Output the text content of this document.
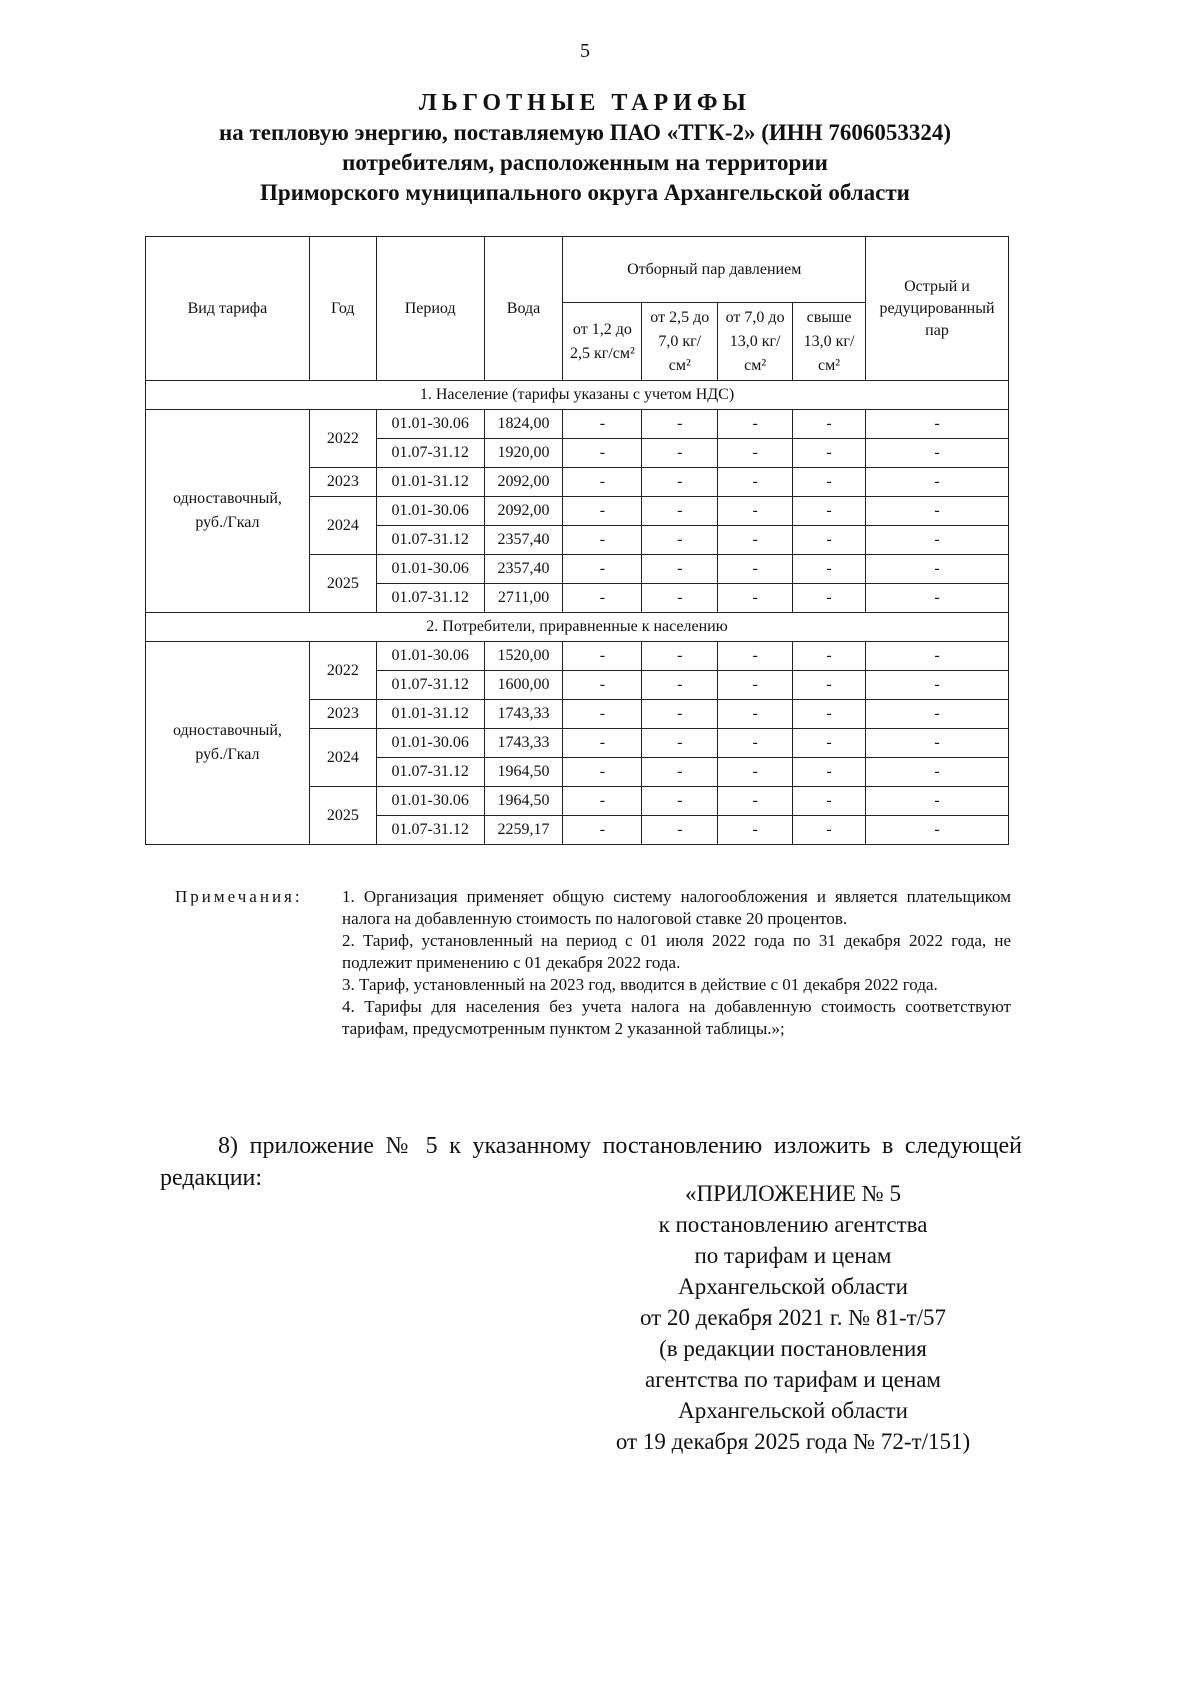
5
ЛЬГОТНЫЕ ТАРИФЫ
на тепловую энергию, поставляемую ПАО «ТГК-2» (ИНН 7606053324)
потребителям, расположенным на территории
Приморского муниципального округа Архангельской области
Вид тарифа	Год	Период	Вода	Отборный пар давлением				Острый и редуцированный пар
				от 1,2 до 2,5 кг/см²	от 2,5 до 7,0 кг/см²	от 7,0 до 13,0 кг/см²	свыше 13,0 кг/см²	
1. Население (тарифы указаны с учетом НДС)								
одноставочный, руб./Гкал	2022	01.01-30.06	1824,00	-	-	-	-	-
		01.07-31.12	1920,00	-	-	-	-	-
	2023	01.01-31.12	2092,00	-	-	-	-	-
	2024	01.01-30.06	2092,00	-	-	-	-	-
		01.07-31.12	2357,40	-	-	-	-	-
	2025	01.01-30.06	2357,40	-	-	-	-	-
		01.07-31.12	2711,00	-	-	-	-	-
2. Потребители, приравненные к населению								
одноставочный, руб./Гкал	2022	01.01-30.06	1520,00	-	-	-	-	-
		01.07-31.12	1600,00	-	-	-	-	-
	2023	01.01-31.12	1743,33	-	-	-	-	-
	2024	01.01-30.06	1743,33	-	-	-	-	-
		01.07-31.12	1964,50	-	-	-	-	-
	2025	01.01-30.06	1964,50	-	-	-	-	-
		01.07-31.12	2259,17	-	-	-	-	-
Примечания: 1. Организация применяет общую систему налогообложения и является плательщиком налога на добавленную стоимость по налоговой ставке 20 процентов.

2. Тариф, установленный на период с 01 июля 2022 года по 31 декабря 2022 года, не подлежит применению с 01 декабря 2022 года.

3. Тариф, установленный на 2023 год, вводится в действие с 01 декабря 2022 года.

4. Тарифы для населения без учета налога на добавленную стоимость соответствуют тарифам, предусмотренным пунктом 2 указанной таблицы.»;

8) приложение № 5 к указанному постановлению изложить в следующей редакции:
«ПРИЛОЖЕНИЕ № 5
к постановлению агентства
по тарифам и ценам
Архангельской области
от 20 декабря 2021 г. № 81-т/57
(в редакции постановления
агентства по тарифам и ценам
Архангельской области
от 19 декабря 2025 года № 72-т/151)
